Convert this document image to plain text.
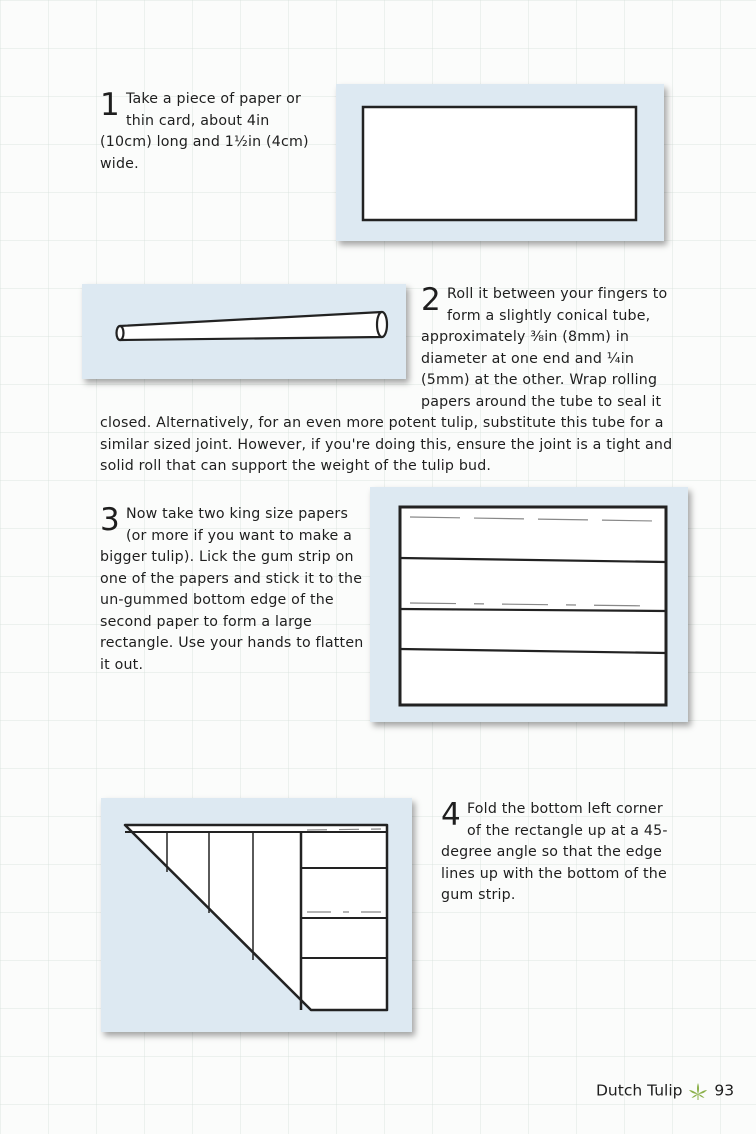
1 Take a piece of paper or thin card, about 4in (10cm) long and 1½in (4cm) wide.
2 Roll it between your fingers to form a slightly conical tube, approximately ⅜in (8mm) in diameter at one end and ¼in (5mm) at the other. Wrap rolling papers around the tube to seal it
closed. Alternatively, for an even more potent tulip, substitute this tube for a similar sized joint. However, if you're doing this, ensure the joint is a tight and solid roll that can support the weight of the tulip bud.
3 Now take two king size papers (or more if you want to make a bigger tulip). Lick the gum strip on one of the papers and stick it to the un-gummed bottom edge of the second paper to form a large rectangle. Use your hands to flatten it out.
4 Fold the bottom left corner of the rectangle up at a 45-degree angle so that the edge lines up with the bottom of the gum strip.
Dutch Tulip 93
